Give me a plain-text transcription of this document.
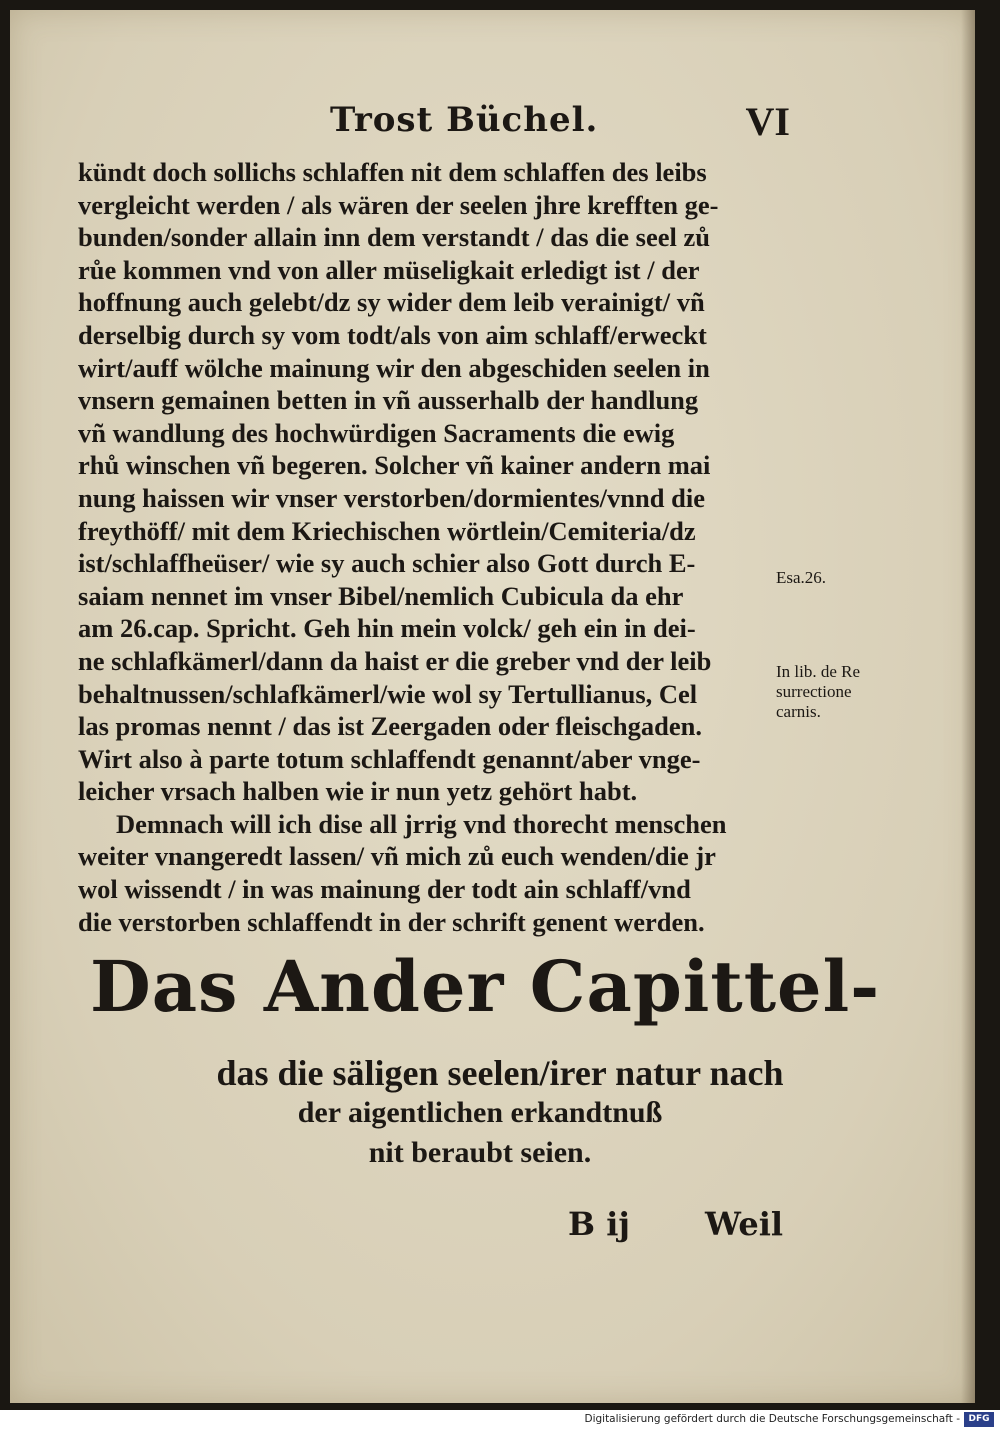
Trost Büchel.	VI
kündt doch sollichs schlaffen nit dem schlaffen des leibs
vergleicht werden / als wären der seelen jhre krefften ge-
bunden/sonder allain inn dem verstandt / das die seel zů
růe kommen vnd von aller müseligkait erledigt ist / der
hoffnung auch gelebt/dz sy wider dem leib verainigt/ vñ
derselbig durch sy vom todt/als von aim schlaff/erweckt
wirt/auff wölche mainung wir den abgeschiden seelen in
vnsern gemainen betten in vñ ausserhalb der handlung
vñ wandlung des hochwürdigen Sacraments die ewig
rhů winschen vñ begeren. Solcher vñ kainer andern mai
nung haissen wir vnser verstorben/dormientes/vnnd die
freythöff/ mit dem Kriechischen wörtlein/Cemiteria/dz
ist/schlaffheüser/ wie sy auch schier also Gott durch E-
saiam nennet im vnser Bibel/nemlich Cubicula da ehr
am 26.cap. Spricht. Geh hin mein volck/ geh ein in dei-
ne schlafkämerl/dann da haist er die greber vnd der leib
behaltnussen/schlafkämerl/wie wol sy Tertullianus, Cel
las promas nennt / das ist Zeergaden oder fleischgaden.
Wirt also à parte totum schlaffendt genannt/aber vnge-
leicher vrsach halben wie ir nun yetz gehört habt.
Demnach will ich dise all jrrig vnd thorecht menschen
weiter vnangeredt lassen/ vñ mich zů euch wenden/die jr
wol wissendt / in was mainung der todt ain schlaff/vnd
die verstorben schlaffendt in der schrift genent werden.
Esa.26.
In lib. de Re
surrectione
carnis.
Das Ander Capittel-
das die säligen seelen/irer natur nach
der aigentlichen erkandtnuß
nit beraubt seien.
B ij Weil
Digitalisierung gefördert durch die Deutsche Forschungsgemeinschaft - DFG
